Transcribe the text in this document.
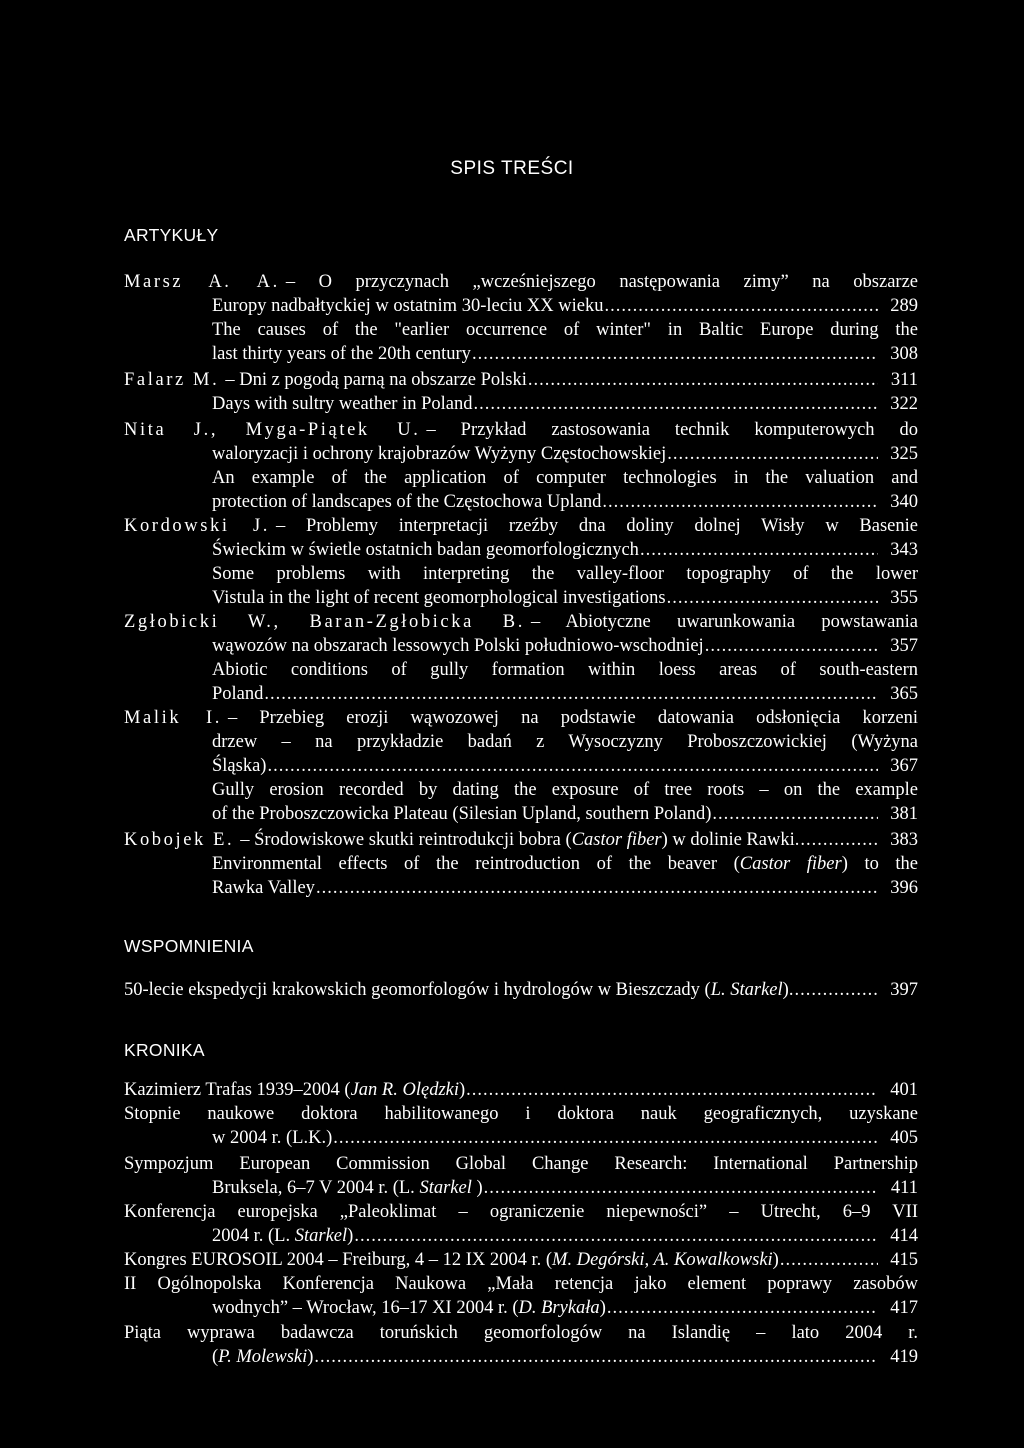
SPIS TREŚCI
ARTYKUŁY
Marsz A. A. – O przyczynach „wcześniejszego następowania zimy” na obszarze
Europy nadbałtyckiej w ostatnim 30-leciu XX wieku .....	289
The causes of the "earlier occurrence of winter" in Baltic Europe during the
last thirty years of the 20th century .....	308
Falarz M. – Dni z pogodą parną na obszarze Polski .....	311
Days with sultry weather in Poland .....	322
Nita J., Myga-Piątek U. – Przykład zastosowania technik komputerowych do
waloryzacji i ochrony krajobrazów Wyżyny Częstochowskiej .....	325
An example of the application of computer technologies in the valuation and
protection of landscapes of the Częstochowa Upland .....	340
Kordowski J. – Problemy interpretacji rzeźby dna doliny dolnej Wisły w Basenie
Świeckim w świetle ostatnich badan geomorfologicznych .....	343
Some problems with interpreting the valley-floor topography of the lower
Vistula in the light of recent geomorphological investigations .....	355
Zgłobicki W., Baran-Zgłobicka B. – Abiotyczne uwarunkowania powstawania
wąwozów na obszarach lessowych Polski południowo-wschodniej .....	357
Abiotic conditions of gully formation within loess areas of south-eastern
Poland .....	365
Malik I. – Przebieg erozji wąwozowej na podstawie datowania odsłonięcia korzeni
drzew – na przykładzie badań z Wysoczyzny Proboszczowickiej (Wyżyna
Śląska) .....	367
Gully erosion recorded by dating the exposure of tree roots – on the example
of the Proboszczowicka Plateau (Silesian Upland, southern Poland) .....	381
Kobojek E. – Środowiskowe skutki reintrodukcji bobra (Castor fiber) w dolinie Rawki. .....	383
Environmental effects of the reintroduction of the beaver (Castor fiber) to the
Rawka Valley .....	396
WSPOMNIENIA
50-lecie ekspedycji krakowskich geomorfologów i hydrologów w Bieszczady (L. Starkel). .....	397
KRONIKA
Kazimierz Trafas 1939–2004 (Jan R. Olędzki) .....	401
Stopnie naukowe doktora habilitowanego i doktora nauk geograficznych, uzyskane
w 2004 r. (L.K.) .....	405
Sympozjum European Commission Global Change Research: International Partnership
Bruksela, 6–7 V 2004 r. (L. Starkel ) .....	411
Konferencja europejska „Paleoklimat – ograniczenie niepewności” – Utrecht, 6–9 VII
2004 r. (L. Starkel) .....	414
Kongres EUROSOIL 2004 – Freiburg, 4 – 12 IX 2004 r. (M. Degórski, A. Kowalkowski) .....	415
II Ogólnopolska Konferencja Naukowa „Mała retencja jako element poprawy zasobów
wodnych” – Wrocław, 16–17 XI 2004 r. (D. Brykała) .....	417
Piąta wyprawa badawcza toruńskich geomorfologów na Islandię – lato 2004 r.
(P. Molewski) .....	419
